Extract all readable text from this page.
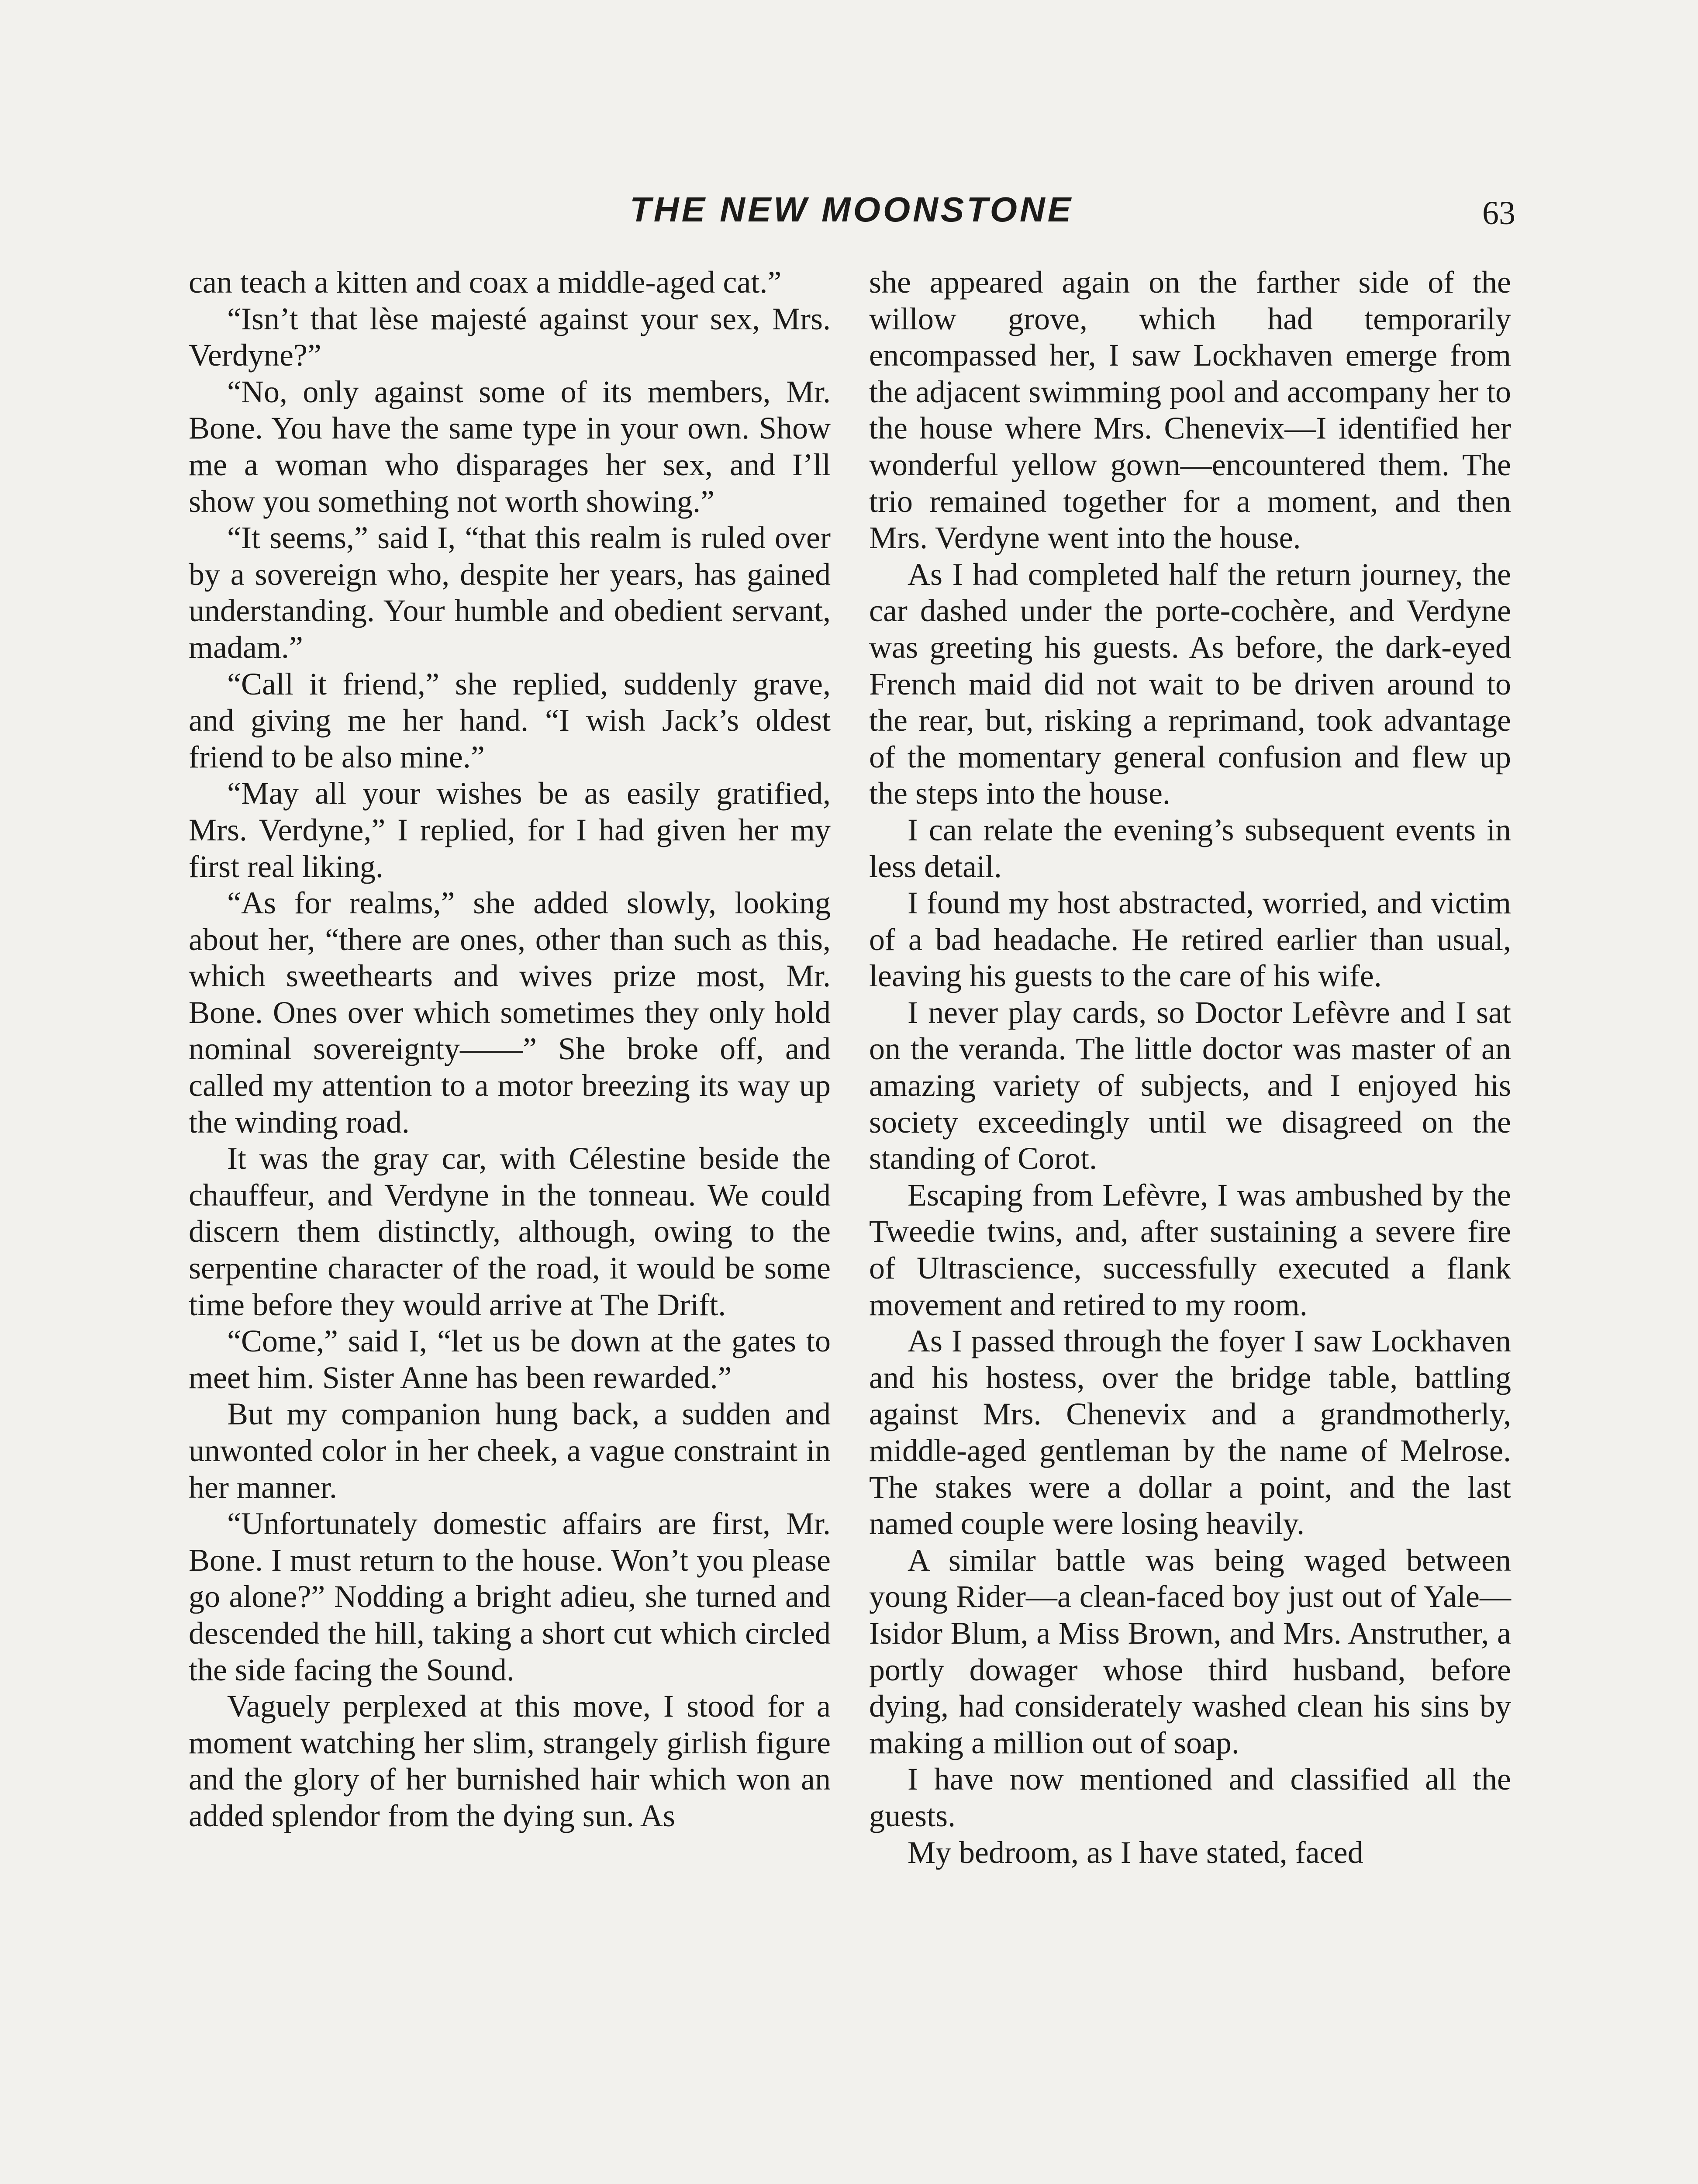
THE NEW MOONSTONE	63

can teach a kitten and coax a middle-aged cat.”

“Isn’t that lèse majesté against your sex, Mrs. Verdyne?”

“No, only against some of its members, Mr. Bone. You have the same type in your own. Show me a woman who disparages her sex, and I’ll show you something not worth showing.”

“It seems,” said I, “that this realm is ruled over by a sovereign who, despite her years, has gained understanding. Your humble and obedient servant, madam.”

“Call it friend,” she replied, suddenly grave, and giving me her hand. “I wish Jack’s oldest friend to be also mine.”

“May all your wishes be as easily gratified, Mrs. Verdyne,” I replied, for I had given her my first real liking.

“As for realms,” she added slowly, looking about her, “there are ones, other than such as this, which sweethearts and wives prize most, Mr. Bone. Ones over which sometimes they only hold nominal sovereignty——” She broke off, and called my attention to a motor breezing its way up the winding road.

It was the gray car, with Célestine beside the chauffeur, and Verdyne in the tonneau. We could discern them distinctly, although, owing to the serpentine character of the road, it would be some time before they would arrive at The Drift.

“Come,” said I, “let us be down at the gates to meet him. Sister Anne has been rewarded.”

But my companion hung back, a sudden and unwonted color in her cheek, a vague constraint in her manner.

“Unfortunately domestic affairs are first, Mr. Bone. I must return to the house. Won’t you please go alone?” Nodding a bright adieu, she turned and descended the hill, taking a short cut which circled the side facing the Sound.

Vaguely perplexed at this move, I stood for a moment watching her slim, strangely girlish figure and the glory of her burnished hair which won an added splendor from the dying sun. As

she appeared again on the farther side of the willow grove, which had temporarily encompassed her, I saw Lockhaven emerge from the adjacent swimming pool and accompany her to the house where Mrs. Chenevix—I identified her wonderful yellow gown—encountered them. The trio remained together for a moment, and then Mrs. Verdyne went into the house.

As I had completed half the return journey, the car dashed under the porte-cochère, and Verdyne was greeting his guests. As before, the dark-eyed French maid did not wait to be driven around to the rear, but, risking a reprimand, took advantage of the momentary general confusion and flew up the steps into the house.

I can relate the evening’s subsequent events in less detail.

I found my host abstracted, worried, and victim of a bad headache. He retired earlier than usual, leaving his guests to the care of his wife.

I never play cards, so Doctor Lefèvre and I sat on the veranda. The little doctor was master of an amazing variety of subjects, and I enjoyed his society exceedingly until we disagreed on the standing of Corot.

Escaping from Lefèvre, I was ambushed by the Tweedie twins, and, after sustaining a severe fire of Ultrascience, successfully executed a flank movement and retired to my room.

As I passed through the foyer I saw Lockhaven and his hostess, over the bridge table, battling against Mrs. Chenevix and a grandmotherly, middle-aged gentleman by the name of Melrose. The stakes were a dollar a point, and the last named couple were losing heavily.

A similar battle was being waged between young Rider—a clean-faced boy just out of Yale—Isidor Blum, a Miss Brown, and Mrs. Anstruther, a portly dowager whose third husband, before dying, had considerately washed clean his sins by making a million out of soap.

I have now mentioned and classified all the guests.

My bedroom, as I have stated, faced
